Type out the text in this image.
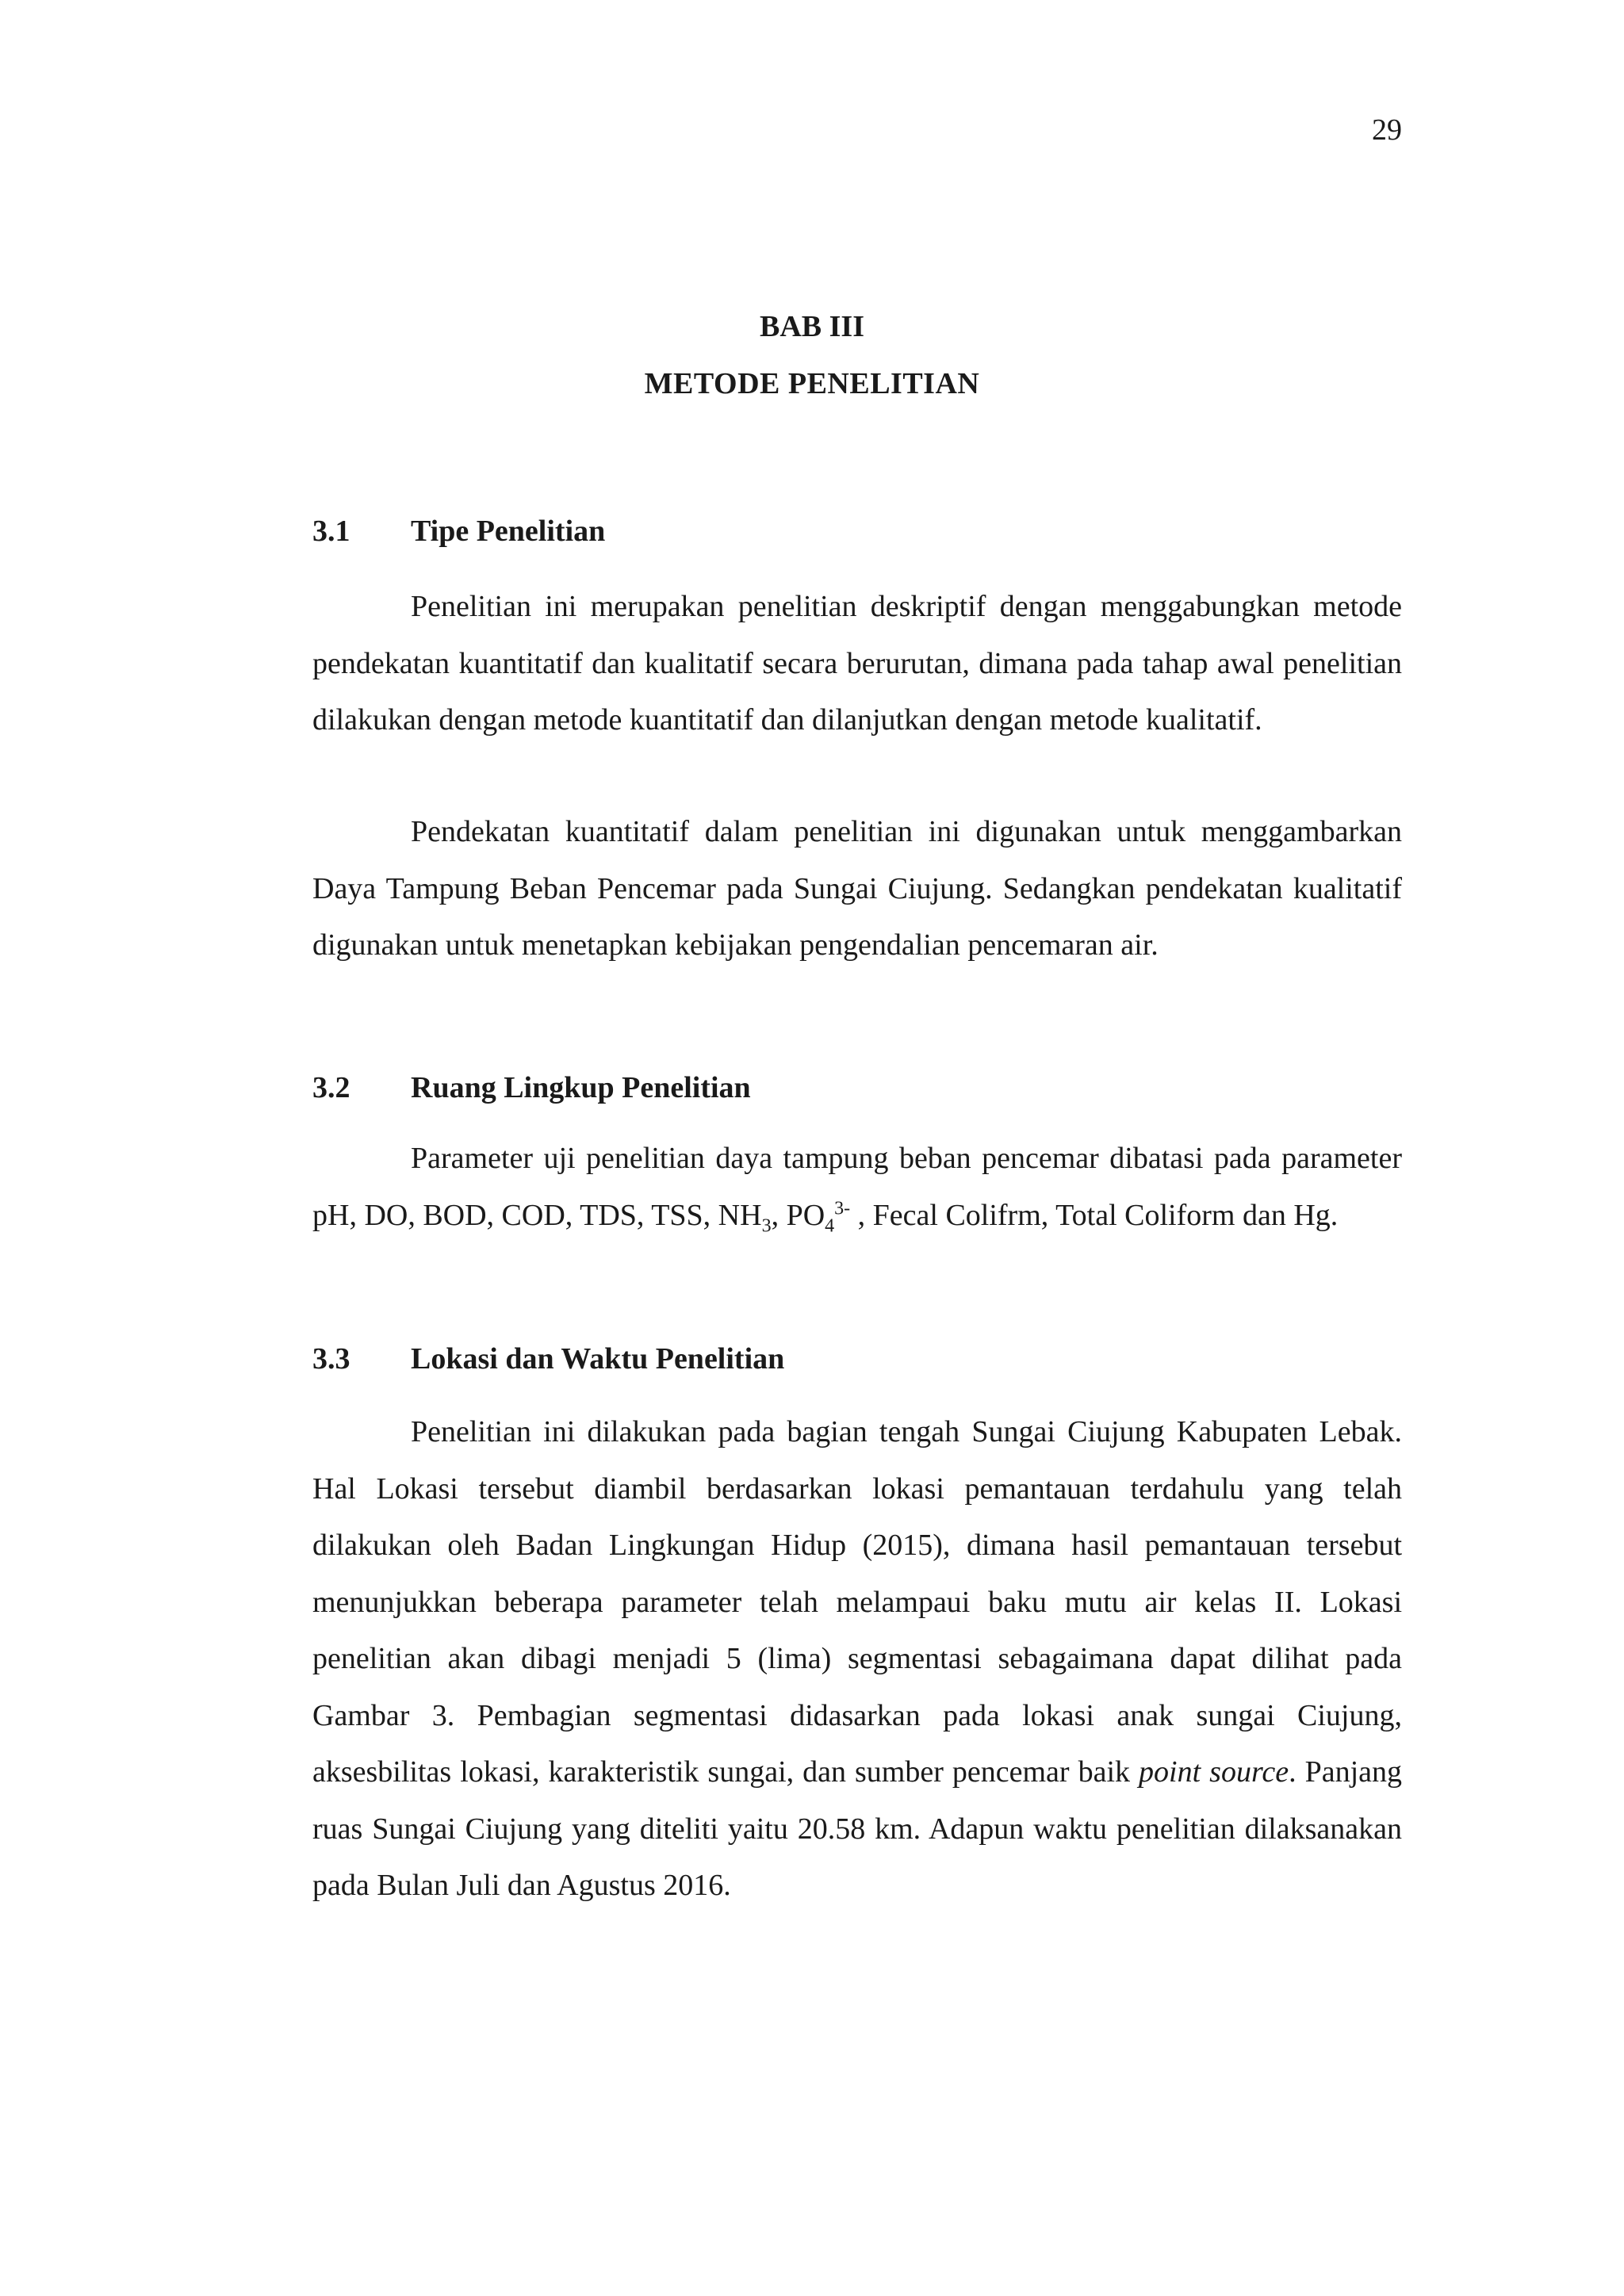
29
BAB III
METODE PENELITIAN
3.1 Tipe Penelitian

Penelitian ini merupakan penelitian deskriptif dengan menggabungkan metode pendekatan kuantitatif dan kualitatif secara berurutan, dimana pada tahap awal penelitian dilakukan dengan metode kuantitatif dan dilanjutkan dengan metode kualitatif.

Pendekatan kuantitatif dalam penelitian ini digunakan untuk menggambarkan Daya Tampung Beban Pencemar pada Sungai Ciujung. Sedangkan pendekatan kualitatif digunakan untuk menetapkan kebijakan pengendalian pencemaran air.

3.2 Ruang Lingkup Penelitian

Parameter uji penelitian daya tampung beban pencemar dibatasi pada parameter pH, DO, BOD, COD, TDS, TSS, $NH_3$, $PO_4^{3-}$ , Fecal Colifrm, Total Coliform dan Hg.

3.3 Lokasi dan Waktu Penelitian

Penelitian ini dilakukan pada bagian tengah Sungai Ciujung Kabupaten Lebak. Hal Lokasi tersebut diambil berdasarkan lokasi pemantauan terdahulu yang telah dilakukan oleh Badan Lingkungan Hidup (2015), dimana hasil pemantauan tersebut menunjukkan beberapa parameter telah melampaui baku mutu air kelas II. Lokasi penelitian akan dibagi menjadi 5 (lima) segmentasi sebagaimana dapat dilihat pada Gambar 3. Pembagian segmentasi didasarkan pada lokasi anak sungai Ciujung, aksesbilitas lokasi, karakteristik sungai, dan sumber pencemar baik point source. Panjang ruas Sungai Ciujung yang diteliti yaitu 20.58 km. Adapun waktu penelitian dilaksanakan pada Bulan Juli dan Agustus 2016.
